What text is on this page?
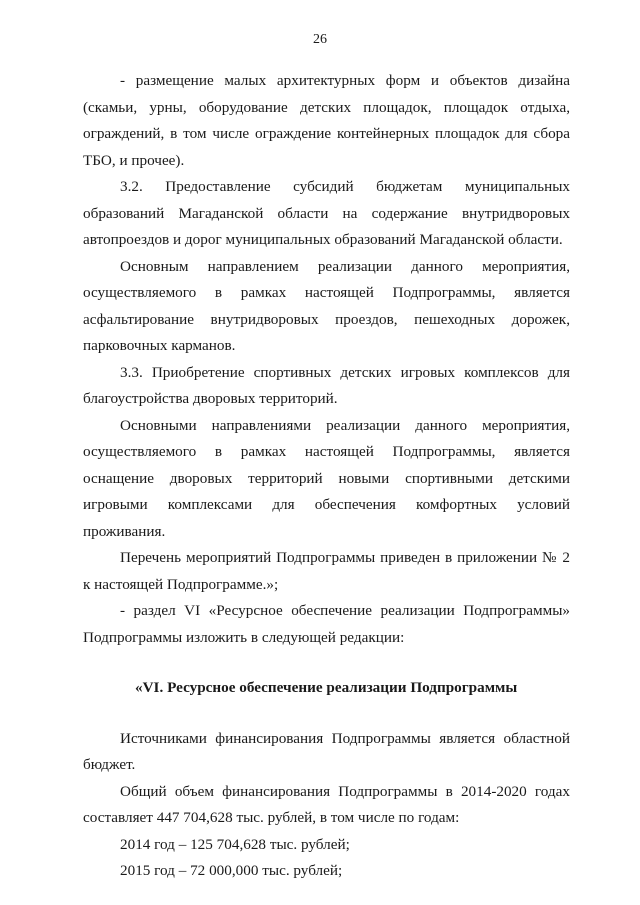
26

- размещение малых архитектурных форм и объектов дизайна (скамьи, урны, оборудование детских площадок, площадок отдыха, ограждений, в том числе ограждение контейнерных площадок для сбора ТБО, и прочее).

3.2. Предоставление субсидий бюджетам муниципальных образований Магаданской области на содержание внутридворовых автопроездов и дорог муниципальных образований Магаданской области.

Основным направлением реализации данного мероприятия, осуществляемого в рамках настоящей Подпрограммы, является асфальтирование внутридворовых проездов, пешеходных дорожек, парковочных карманов.

3.3. Приобретение спортивных детских игровых комплексов для благоустройства дворовых территорий.

Основными направлениями реализации данного мероприятия, осуществляемого в рамках настоящей Подпрограммы, является оснащение дворовых территорий новыми спортивными детскими игровыми комплексами для обеспечения комфортных условий проживания.

Перечень мероприятий Подпрограммы приведен в приложении № 2 к настоящей Подпрограмме.»;

- раздел VI «Ресурсное обеспечение реализации Подпрограммы» Подпрограммы изложить в следующей редакции:

«VI. Ресурсное обеспечение реализации Подпрограммы

Источниками финансирования Подпрограммы является областной бюджет.

Общий объем финансирования Подпрограммы в 2014-2020 годах составляет 447 704,628 тыс. рублей, в том числе по годам:

2014 год – 125 704,628 тыс. рублей;

2015 год – 72 000,000 тыс. рублей;
